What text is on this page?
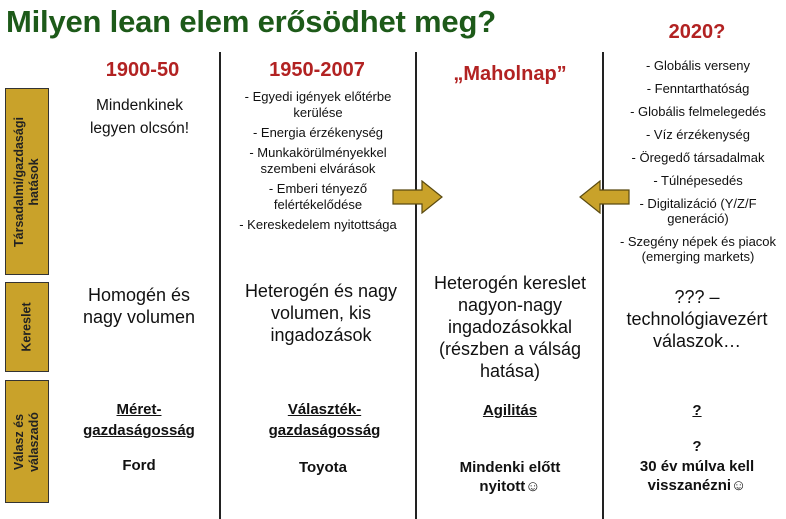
Milyen lean elem erősödhet meg?
1900-50	1950-2007	„Maholnap”
2020?
Társadalmi/gazdasági hatások
Kereslet
Válasz és válaszadó
Mindenkinek legyen olcsón!
- Egyedi igények előtérbe kerülése
- Energia érzékenység
- Munkakörülményekkel szembeni elvárások
- Emberi tényező felértékelődése
- Kereskedelem nyitottsága
- Globális verseny
- Fenntarthatóság
- Globális felmelegedés
- Víz érzékenység
- Öregedő társadalmak
- Túlnépesedés
- Digitalizáció (Y/Z/F generáció)
- Szegény népek és piacok (emerging markets)
Homogén és nagy volumen
Heterogén és nagy volumen, kis ingadozások
Heterogén kereslet nagyon-nagy ingadozásokkal (részben a válság hatása)
??? – technológiavezért válaszok…
Méret-gazdaságosság
Ford
Választék-gazdaságosság
Toyota
Agilitás
Mindenki előtt nyitott☺
?
?
30 év múlva kell visszanézni☺
